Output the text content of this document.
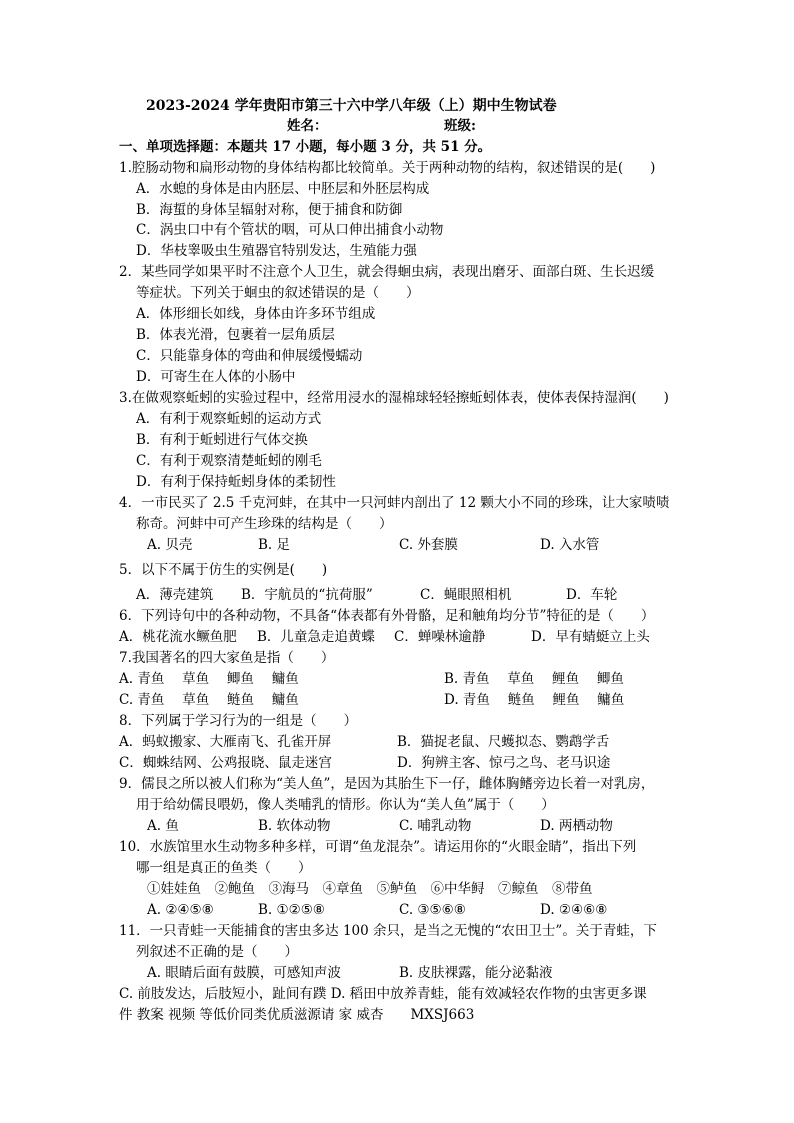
2023-2024 学年贵阳市第三十六中学八年级（上）期中生物试卷
姓名：	班级:
一、单项选择题：本题共 17 小题，每小题 3 分，共 51 分。
1.腔肠动物和扁形动物的身体结构都比较简单。关于两种动物的结构，叙述错误的是(　　)
A．水螅的身体是由内胚层、中胚层和外胚层构成
B．海蜇的身体呈辐射对称，便于捕食和防御
C．涡虫口中有个管状的咽，可从口伸出捕食小动物
D．华枝睾吸虫生殖器官特别发达，生殖能力强
2．某些同学如果平时不注意个人卫生，就会得蛔虫病，表现出磨牙、面部白斑、生长迟缓
等症状。下列关于蛔虫的叙述错误的是（　　）
A．体形细长如线，身体由许多环节组成
B．体表光滑，包裹着一层角质层
C．只能靠身体的弯曲和伸展缓慢蠕动
D．可寄生在人体的小肠中
3.在做观察蚯蚓的实验过程中，经常用浸水的湿棉球轻轻擦蚯蚓体表，使体表保持湿润(　　)
A．有利于观察蚯蚓的运动方式
B．有利于蚯蚓进行气体交换
C．有利于观察清楚蚯蚓的刚毛
D．有利于保持蚯蚓身体的柔韧性
4．一市民买了 2.5 千克河蚌，在其中一只河蚌内剖出了 12 颗大小不同的珍珠，让大家啧啧
称奇。河蚌中可产生珍珠的结构是（　　）
A. 贝壳	B. 足	C. 外套膜	D. 入水管
5．以下不属于仿生的实例是(　　)
A．薄壳建筑 B．宇航员的“抗荷服”	C．蝇眼照相机	D．车轮
6．下列诗句中的各种动物，不具备“体表都有外骨骼，足和触角均分节”特征的是（　　）
A．桃花流水鳜鱼肥 B．儿童急走追黄蝶 C．蝉噪林逾静	D．早有蜻蜓立上头
7.我国著名的四大家鱼是指（　　）
A. 青鱼　 草鱼　 鲫鱼　 鳙鱼	B. 青鱼　 草鱼　 鲤鱼　 鲫鱼
C. 青鱼　 草鱼　 鲢鱼　 鳙鱼	D. 青鱼　 鲢鱼　 鲤鱼　 鳙鱼
8．下列属于学习行为的一组是（　　）
A．蚂蚁搬家、大雁南飞、孔雀开屏	B．猫捉老鼠、尺蠖拟态、鹦鹉学舌
C．蜘蛛结网、公鸡报晓、鼠走迷宫	D．狗辨主客、惊弓之鸟、老马识途
9．儒艮之所以被人们称为“美人鱼”，是因为其胎生下一仔，雌体胸鳍旁边长着一对乳房，
用于给幼儒艮喂奶，像人类哺乳的情形。你认为“美人鱼”属于（　　）
A. 鱼	B. 软体动物	C. 哺乳动物	D. 两栖动物
10．水族馆里水生动物多种多样，可谓“鱼龙混杂”。请运用你的“火眼金睛”，指出下列
哪一组是真正的鱼类（　　）
①娃娃鱼　②鲍鱼　③海马　④章鱼　⑤鲈鱼　⑥中华鲟　⑦鲸鱼　⑧带鱼
A. ②④⑤⑧	B. ①②⑤⑧	C. ③⑤⑥⑧	D. ②④⑥⑧
11．一只青蛙一天能捕食的害虫多达 100 余只，是当之无愧的“农田卫士”。关于青蛙，下
列叙述不正确的是（　　）
A. 眼睛后面有鼓膜，可感知声波	B. 皮肤裸露，能分泌黏液
C. 前肢发达，后肢短小，趾间有蹼 D. 稻田中放养青蛙，能有效减轻农作物的虫害更多课
件 教案 视频 等低价同类优质滋源请 家 威杏　　MXSJ663
